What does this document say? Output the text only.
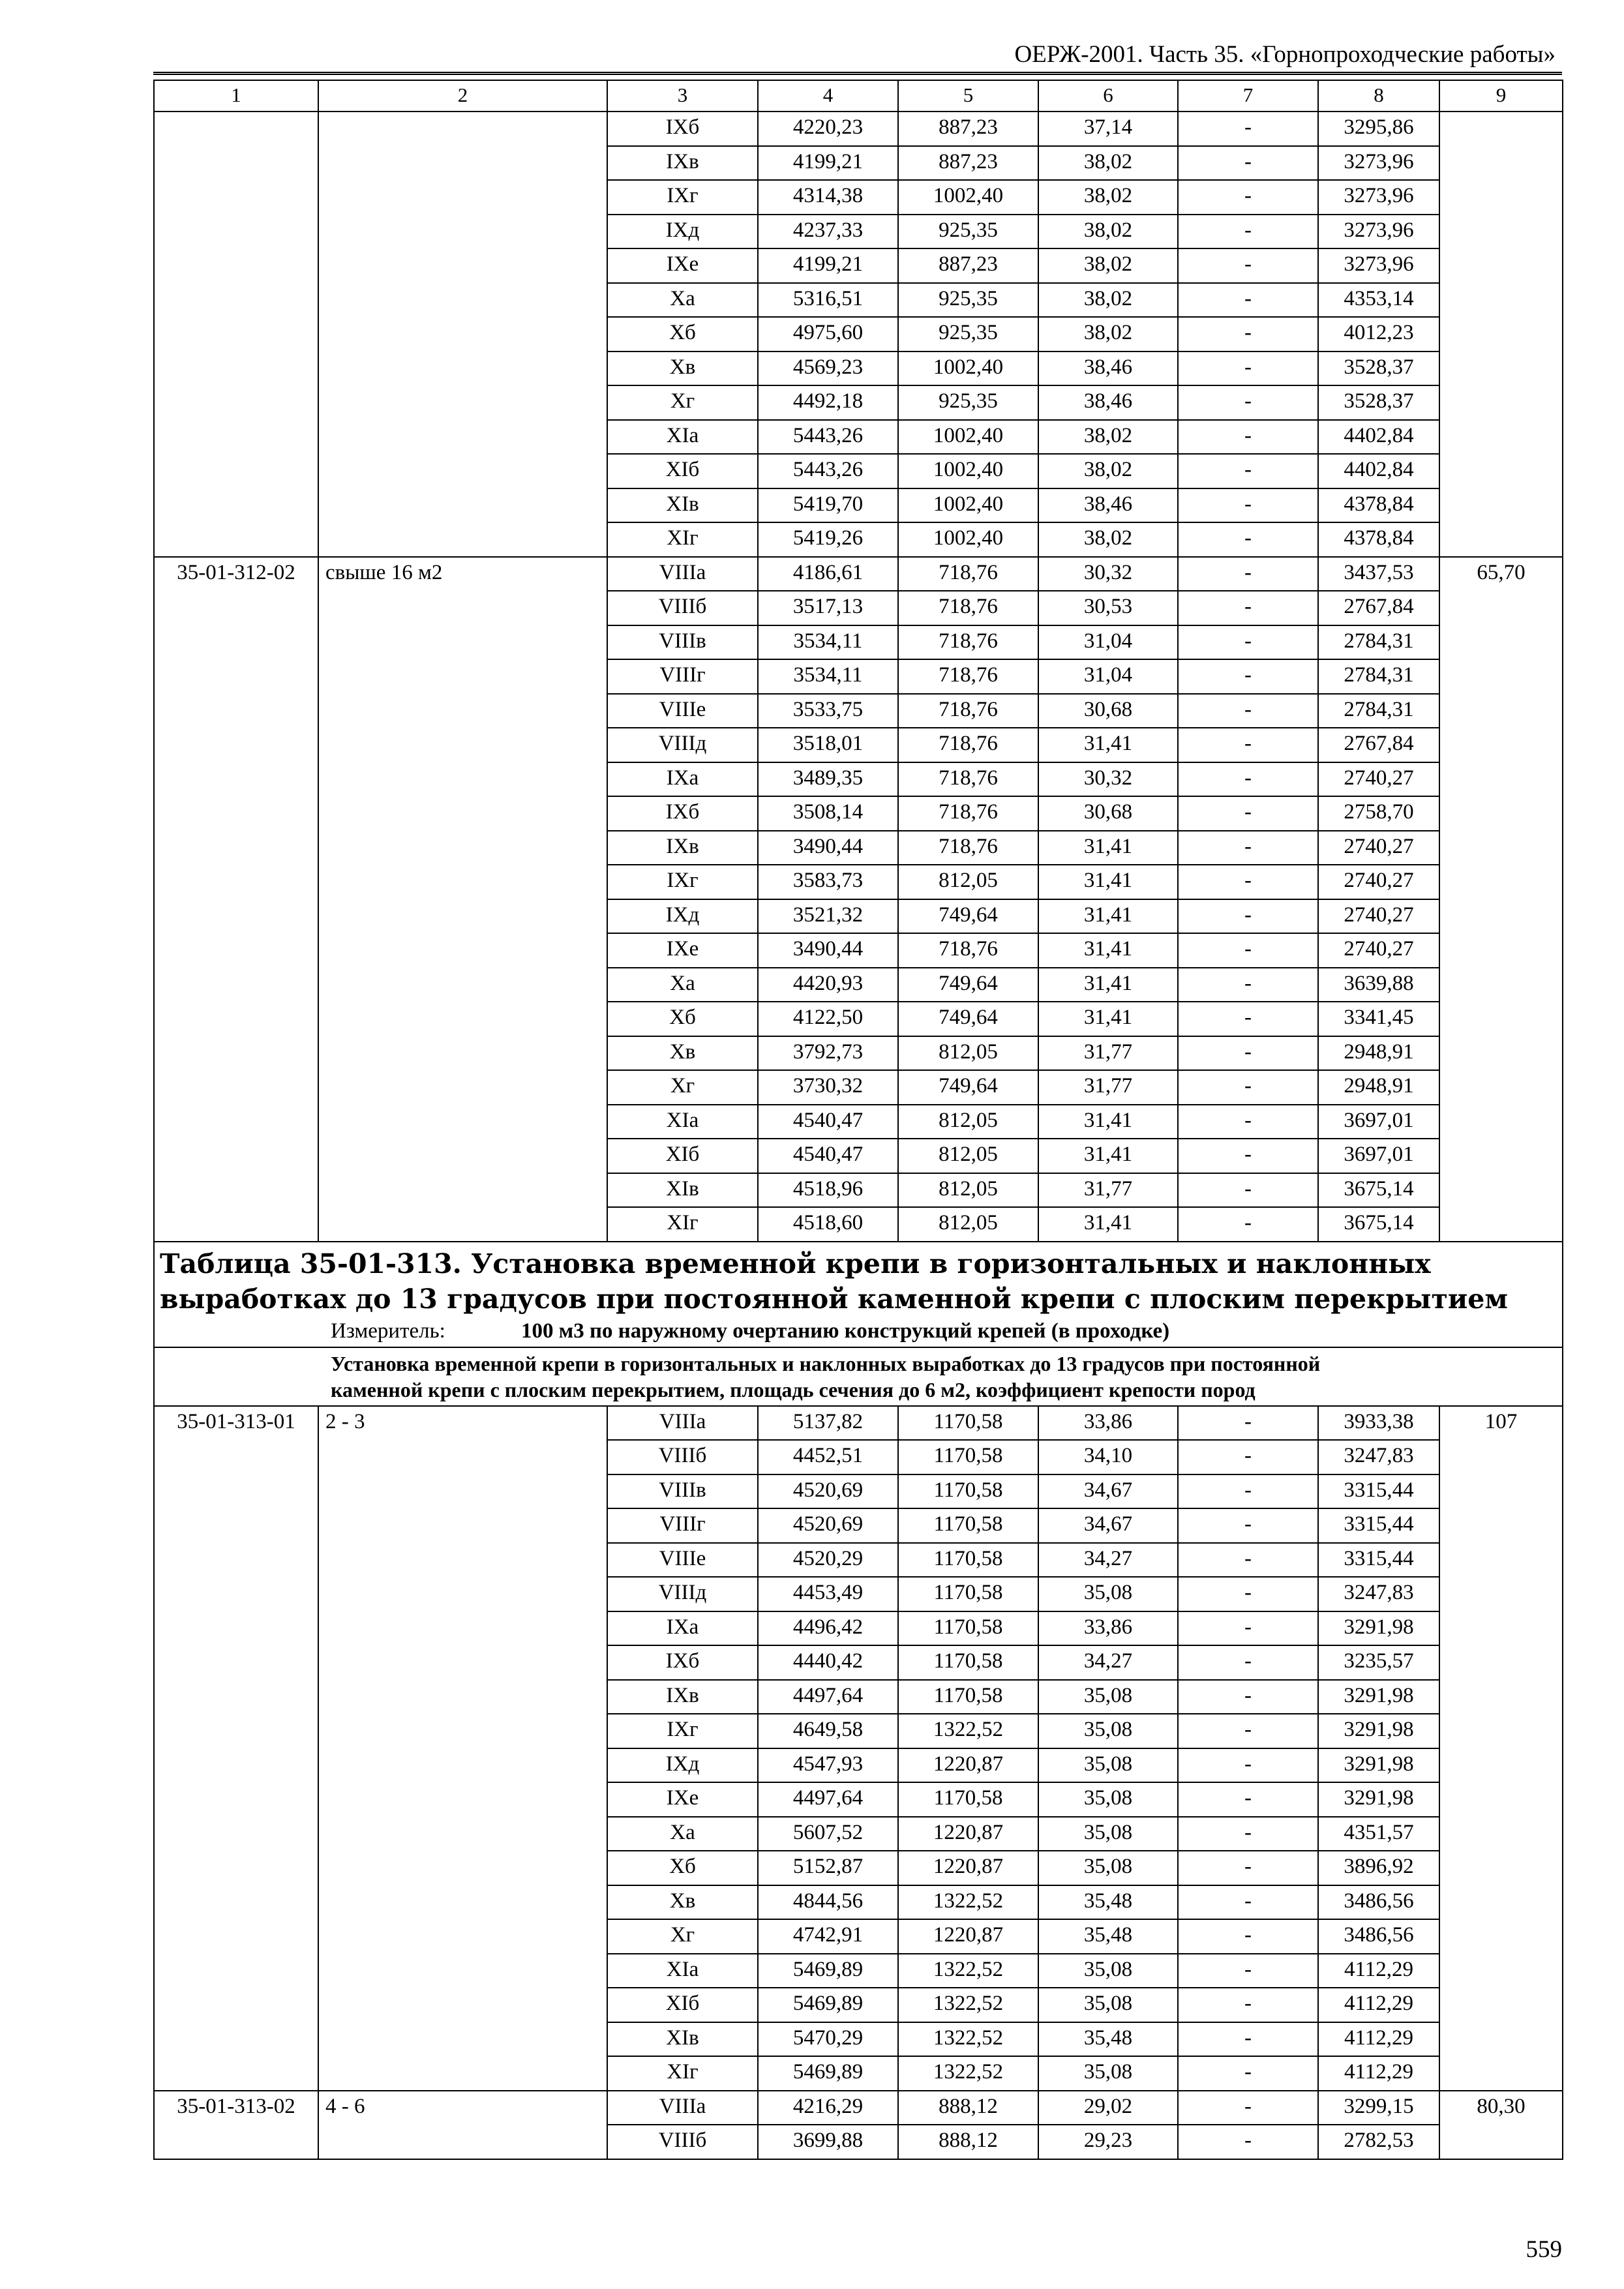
ОЕРЖ-2001. Часть 35. «Горнопроходческие работы»
1	2	3	4	5	6	7	8	9
		IXб	4220,23	887,23	37,14	-	3295,86	
		IXв	4199,21	887,23	38,02	-	3273,96	
		IXг	4314,38	1002,40	38,02	-	3273,96	
		IXд	4237,33	925,35	38,02	-	3273,96	
		IXе	4199,21	887,23	38,02	-	3273,96	
		Xа	5316,51	925,35	38,02	-	4353,14	
		Xб	4975,60	925,35	38,02	-	4012,23	
		Xв	4569,23	1002,40	38,46	-	3528,37	
		Xг	4492,18	925,35	38,46	-	3528,37	
		XIа	5443,26	1002,40	38,02	-	4402,84	
		XIб	5443,26	1002,40	38,02	-	4402,84	
		XIв	5419,70	1002,40	38,46	-	4378,84	
		XIг	5419,26	1002,40	38,02	-	4378,84	
35-01-312-02	свыше 16 м2	VIIIа	4186,61	718,76	30,32	-	3437,53	65,70
		VIIIб	3517,13	718,76	30,53	-	2767,84	
		VIIIв	3534,11	718,76	31,04	-	2784,31	
		VIIIг	3534,11	718,76	31,04	-	2784,31	
		VIIIе	3533,75	718,76	30,68	-	2784,31	
		VIIIд	3518,01	718,76	31,41	-	2767,84	
		IXа	3489,35	718,76	30,32	-	2740,27	
		IXб	3508,14	718,76	30,68	-	2758,70	
		IXв	3490,44	718,76	31,41	-	2740,27	
		IXг	3583,73	812,05	31,41	-	2740,27	
		IXд	3521,32	749,64	31,41	-	2740,27	
		IXе	3490,44	718,76	31,41	-	2740,27	
		Xа	4420,93	749,64	31,41	-	3639,88	
		Xб	4122,50	749,64	31,41	-	3341,45	
		Xв	3792,73	812,05	31,77	-	2948,91	
		Xг	3730,32	749,64	31,77	-	2948,91	
		XIа	4540,47	812,05	31,41	-	3697,01	
		XIб	4540,47	812,05	31,41	-	3697,01	
		XIв	4518,96	812,05	31,77	-	3675,14	
		XIг	4518,60	812,05	31,41	-	3675,14	

Таблица 35-01-313. Установка временной крепи в горизонтальных и наклонных
выработках до 13 градусов при постоянной каменной крепи с плоским перекрытием
Измеритель: 100 м3 по наружному очертанию конструкций крепей (в проходке)								

Установка временной крепи в горизонтальных и наклонных выработках до 13 градусов при постоянной
каменной крепи с плоским перекрытием, площадь сечения до 6 м2, коэффициент крепости пород								

35-01-313-01	2 - 3	VIIIа	5137,82	1170,58	33,86	-	3933,38	107
		VIIIб	4452,51	1170,58	34,10	-	3247,83	
		VIIIв	4520,69	1170,58	34,67	-	3315,44	
		VIIIг	4520,69	1170,58	34,67	-	3315,44	
		VIIIе	4520,29	1170,58	34,27	-	3315,44	
		VIIIд	4453,49	1170,58	35,08	-	3247,83	
		IXа	4496,42	1170,58	33,86	-	3291,98	
		IXб	4440,42	1170,58	34,27	-	3235,57	
		IXв	4497,64	1170,58	35,08	-	3291,98	
		IXг	4649,58	1322,52	35,08	-	3291,98	
		IXд	4547,93	1220,87	35,08	-	3291,98	
		IXе	4497,64	1170,58	35,08	-	3291,98	
		Xа	5607,52	1220,87	35,08	-	4351,57	
		Xб	5152,87	1220,87	35,08	-	3896,92	
		Xв	4844,56	1322,52	35,48	-	3486,56	
		Xг	4742,91	1220,87	35,48	-	3486,56	
		XIа	5469,89	1322,52	35,08	-	4112,29	
		XIб	5469,89	1322,52	35,08	-	4112,29	
		XIв	5470,29	1322,52	35,48	-	4112,29	
		XIг	5469,89	1322,52	35,08	-	4112,29	
35-01-313-02	4 - 6	VIIIа	4216,29	888,12	29,02	-	3299,15	80,30
		VIIIб	3699,88	888,12	29,23	-	2782,53	
559
